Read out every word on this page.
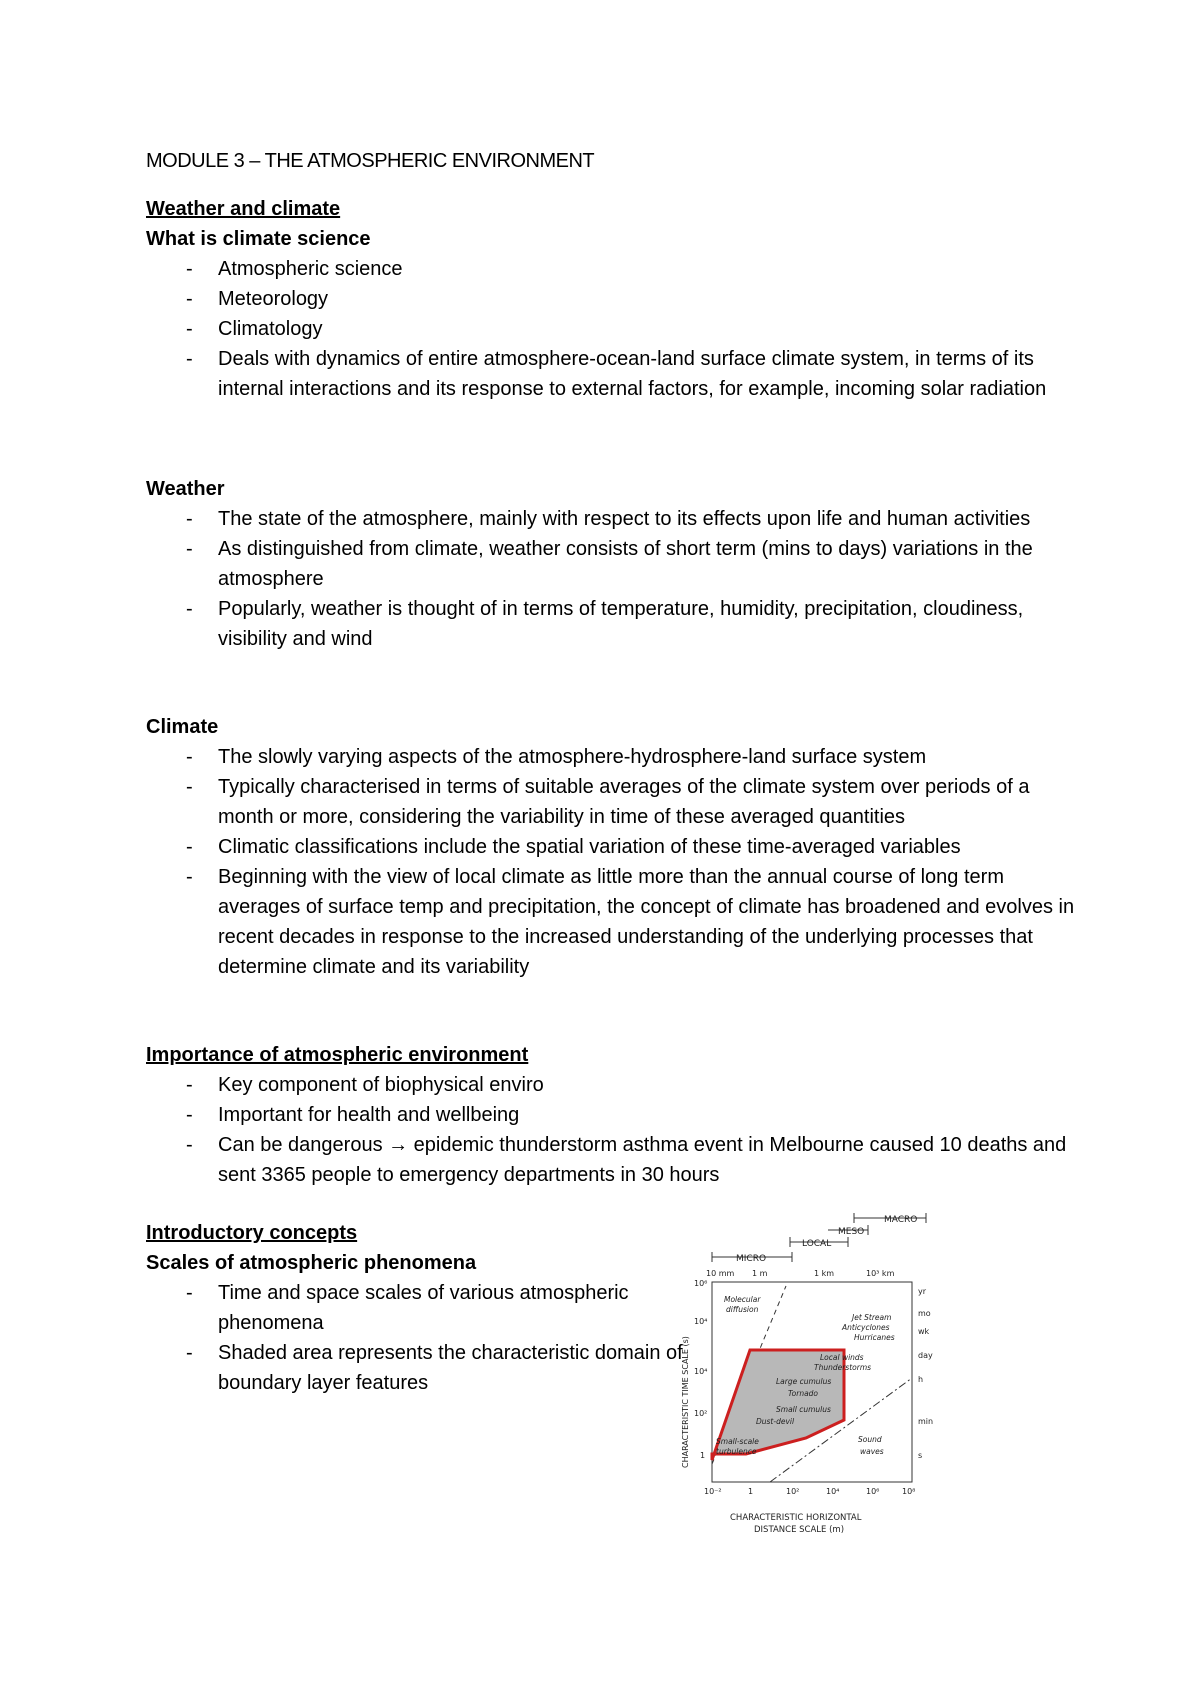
MODULE 3 – THE ATMOSPHERIC ENVIRONMENT
Weather and climate
What is climate science
- Atmospheric science
- Meteorology
- Climatology
- Deals with dynamics of entire atmosphere-ocean-land surface climate system, in terms of its internal interactions and its response to external factors, for example, incoming solar radiation
Weather
- The state of the atmosphere, mainly with respect to its effects upon life and human activities
- As distinguished from climate, weather consists of short term (mins to days) variations in the atmosphere
- Popularly, weather is thought of in terms of temperature, humidity, precipitation, cloudiness, visibility and wind
Climate
- The slowly varying aspects of the atmosphere-hydrosphere-land surface system
- Typically characterised in terms of suitable averages of the climate system over periods of a month or more, considering the variability in time of these averaged quantities
- Climatic classifications include the spatial variation of these time-averaged variables
- Beginning with the view of local climate as little more than the annual course of long term averages of surface temp and precipitation, the concept of climate has broadened and evolves in recent decades in response to the increased understanding of the underlying processes that determine climate and its variability
Importance of atmospheric environment
- Key component of biophysical enviro
- Important for health and wellbeing
- Can be dangerous → epidemic thunderstorm asthma event in Melbourne caused 10 deaths and sent 3365 people to emergency departments in 30 hours
Introductory concepts
Scales of atmospheric phenomena
- Time and space scales of various atmospheric phenomena
- Shaded area represents the characteristic domain of boundary layer features
MACRO
MESO
LOCAL
MICRO
10 mm 1 m	1 km	10³ km
10⁶
10⁴
10⁴
10²
1
yr
mo
wk
day
h
min
s
10⁻²	1	10²	10⁴	10⁶	10⁸
Molecular
diffusion
Jet Stream
Anticyclones
Hurricanes
Local winds
Thunderstorms
Large cumulus
Tornado
Small cumulus
Dust-devil
Small-scale
turbulence
Sound
waves
CHARACTERISTIC TIME SCALE (s)
CHARACTERISTIC HORIZONTAL
DISTANCE SCALE (m)
